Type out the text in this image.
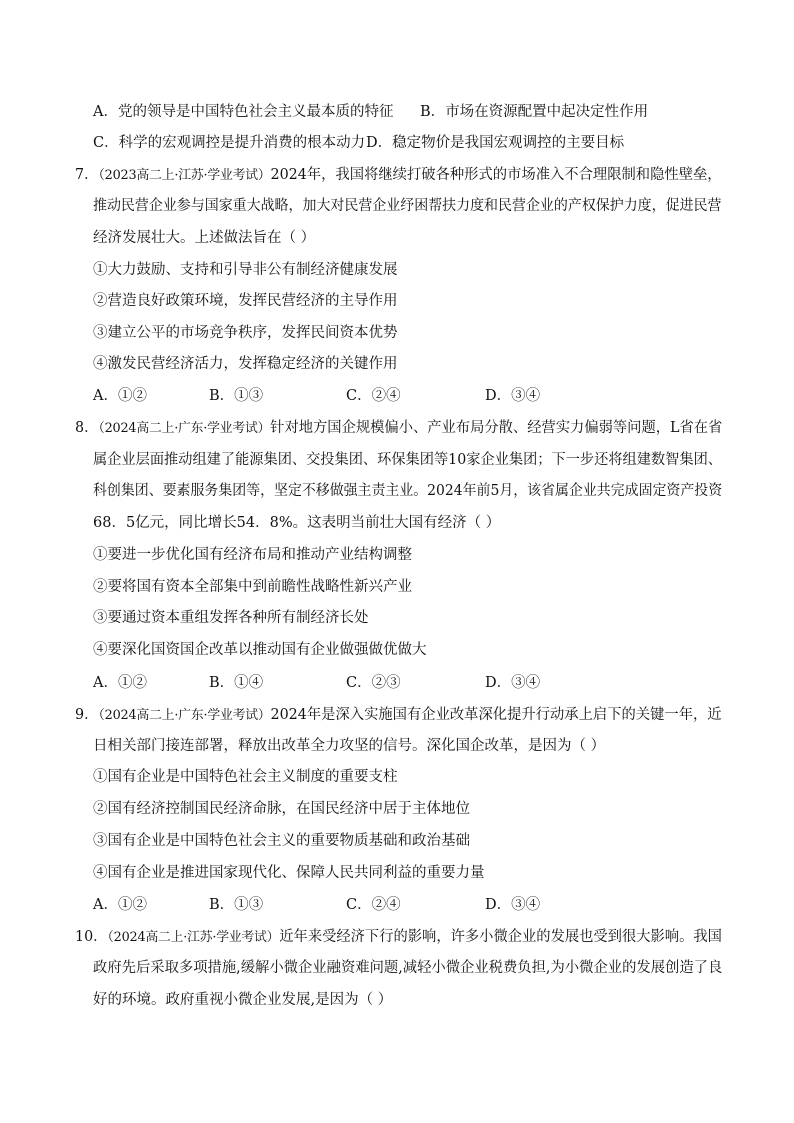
A．党的领导是中国特色社会主义最本质的特征 B．市场在资源配置中起决定性作用
C．科学的宏观调控是提升消费的根本动力 D．稳定物价是我国宏观调控的主要目标
7．（2023高二上·江苏·学业考试）2024年，我国将继续打破各种形式的市场准入不合理限制和隐性壁垒，
推动民营企业参与国家重大战略，加大对民营企业纾困帮扶力度和民营企业的产权保护力度，促进民营
经济发展壮大。上述做法旨在（ ）
①大力鼓励、支持和引导非公有制经济健康发展
②营造良好政策环境，发挥民营经济的主导作用
③建立公平的市场竞争秩序，发挥民间资本优势
④激发民营经济活力，发挥稳定经济的关键作用
A．①②	B．①③	C．②④	D．③④
8．（2024高二上·广东·学业考试）针对地方国企规模偏小、产业布局分散、经营实力偏弱等问题，L省在省
属企业层面推动组建了能源集团、交投集团、环保集团等10家企业集团；下一步还将组建数智集团、
科创集团、要素服务集团等，坚定不移做强主责主业。2024年前5月，该省属企业共完成固定资产投资
68．5亿元，同比增长54．8%。这表明当前壮大国有经济（ ）
①要进一步优化国有经济布局和推动产业结构调整
②要将国有资本全部集中到前瞻性战略性新兴产业
③要通过资本重组发挥各种所有制经济长处
④要深化国资国企改革以推动国有企业做强做优做大
A．①②	B．①④	C．②③	D．③④
9．（2024高二上·广东·学业考试）2024年是深入实施国有企业改革深化提升行动承上启下的关键一年，近
日相关部门接连部署，释放出改革全力攻坚的信号。深化国企改革，是因为（ ）
①国有企业是中国特色社会主义制度的重要支柱
②国有经济控制国民经济命脉，在国民经济中居于主体地位
③国有企业是中国特色社会主义的重要物质基础和政治基础
④国有企业是推进国家现代化、保障人民共同利益的重要力量
A．①②	B．①③	C．②④	D．③④
10．（2024高二上·江苏·学业考试）近年来受经济下行的影响，许多小微企业的发展也受到很大影响。我国
政府先后采取多项措施,缓解小微企业融资难问题,减轻小微企业税费负担,为小微企业的发展创造了良
好的环境。政府重视小微企业发展,是因为（ ）
